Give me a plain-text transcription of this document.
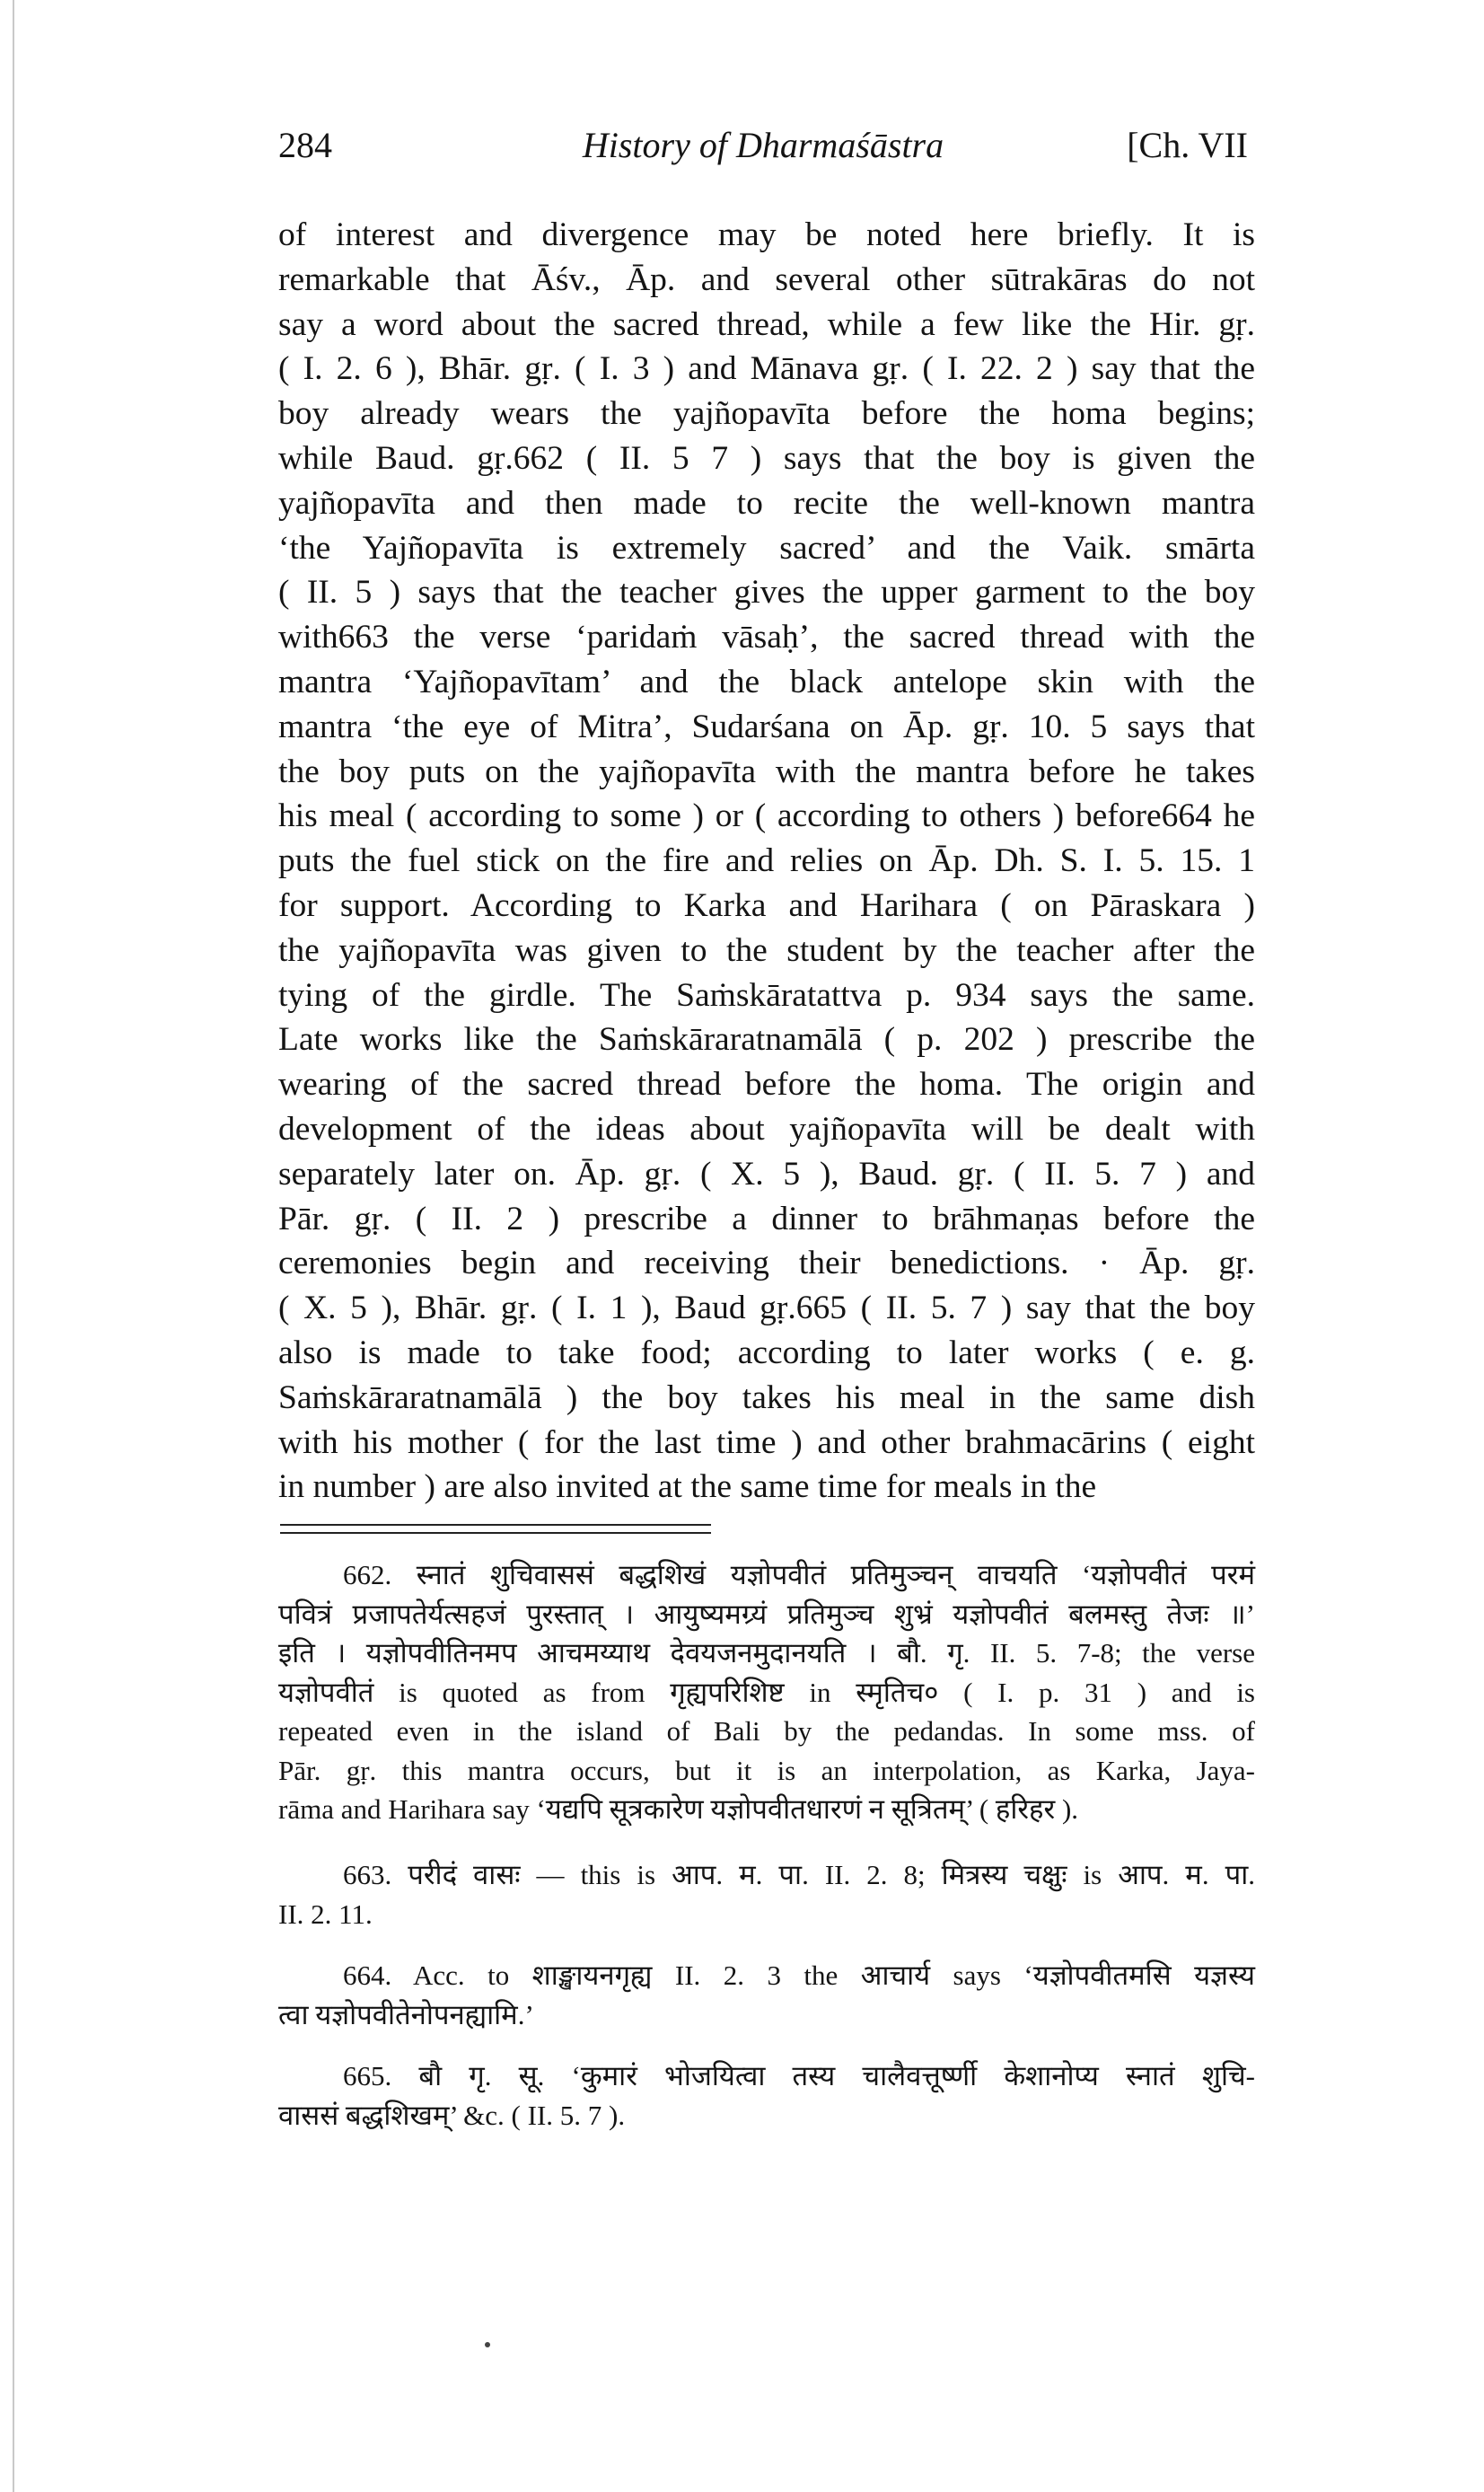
284	History of Dharmaśāstra	[Ch. VII
of interest and divergence may be noted here briefly. It is
remarkable that Āśv., Āp. and several other sūtrakāras do not
say a word about the sacred thread, while a few like the Hir. gṛ.
( I. 2. 6 ), Bhār. gṛ. ( I. 3 ) and Mānava gṛ. ( I. 22. 2 ) say that the
boy already wears the yajñopavīta before the homa begins;
while Baud. gṛ.662 ( II. 5 7 ) says that the boy is given the
yajñopavīta and then made to recite the well-known mantra
‘the Yajñopavīta is extremely sacred’ and the Vaik. smārta
( II. 5 ) says that the teacher gives the upper garment to the boy
with663 the verse ‘paridaṁ vāsaḥ’, the sacred thread with the
mantra ‘Yajñopavītam’ and the black antelope skin with the
mantra ‘the eye of Mitra’, Sudarśana on Āp. gṛ. 10. 5 says that
the boy puts on the yajñopavīta with the mantra before he takes
his meal ( according to some ) or ( according to others ) before664 he
puts the fuel stick on the fire and relies on Āp. Dh. S. I. 5. 15. 1
for support. According to Karka and Harihara ( on Pāraskara )
the yajñopavīta was given to the student by the teacher after the
tying of the girdle. The Saṁskāratattva p. 934 says the same.
Late works like the Saṁskāraratnamālā ( p. 202 ) prescribe the
wearing of the sacred thread before the homa. The origin and
development of the ideas about yajñopavīta will be dealt with
separately later on. Āp. gṛ. ( X. 5 ), Baud. gṛ. ( II. 5. 7 ) and
Pār. gṛ. ( II. 2 ) prescribe a dinner to brāhmaṇas before the
ceremonies begin and receiving their benedictions. · Āp. gṛ.
( X. 5 ), Bhār. gṛ. ( I. 1 ), Baud gṛ.665 ( II. 5. 7 ) say that the boy
also is made to take food; according to later works ( e. g.
Saṁskāraratnamālā ) the boy takes his meal in the same dish
with his mother ( for the last time ) and other brahmacārins ( eight
in number ) are also invited at the same time for meals in the
662. स्नातं शुचिवाससं बद्धशिखं यज्ञोपवीतं प्रतिमुञ्चन् वाचयति ‘यज्ञोपवीतं परमं
पवित्रं प्रजापतेर्यत्सहजं पुरस्तात् । आयुष्यमग्र्यं प्रतिमुञ्च शुभ्रं यज्ञोपवीतं बलमस्तु तेजः ॥’
इति । यज्ञोपवीतिनमप आचमय्याथ देवयजनमुदानयति । बौ. गृ. II. 5. 7-8; the verse
यज्ञोपवीतं is quoted as from गृह्यपरिशिष्ट in स्मृतिच० ( I. p. 31 ) and is
repeated even in the island of Bali by the pedandas. In some mss. of
Pār. gṛ. this mantra occurs, but it is an interpolation, as Karka, Jaya-
rāma and Harihara say ‘यद्यपि सूत्रकारेण यज्ञोपवीतधारणं न सूत्रितम्’ ( हरिहर ).
663. परीदं वासः — this is आप. म. पा. II. 2. 8; मित्रस्य चक्षुः is आप. म. पा.
II. 2. 11.
664. Acc. to शाङ्खायनगृह्य II. 2. 3 the आचार्य says ‘यज्ञोपवीतमसि यज्ञस्य
त्वा यज्ञोपवीतेनोपनह्यामि.’
665. बौ गृ. सू. ‘कुमारं भोजयित्वा तस्य चालैवत्तूर्ष्णी केशानोप्य स्नातं शुचि-
वाससं बद्धशिखम्’ &c. ( II. 5. 7 ).
